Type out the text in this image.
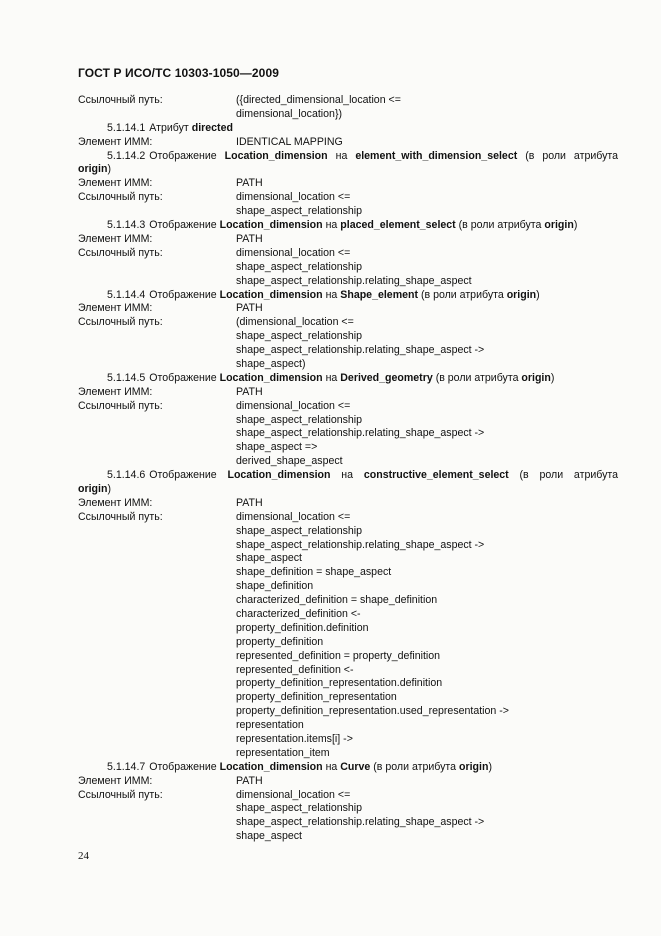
ГОСТ Р ИСО/ТС 10303-1050—2009
Ссылочный путь:	({directed_dimensional_location <=
dimensional_location})
5.1.14.1 Атрибут directed
Элемент ИММ:	IDENTICAL MAPPING
5.1.14.2 Отображение Location_dimension на element_with_dimension_select (в роли атрибута origin)
Элемент ИММ:	PATH
Ссылочный путь:	dimensional_location <=
shape_aspect_relationship
5.1.14.3 Отображение Location_dimension на placed_element_select (в роли атрибута origin)
Элемент ИММ:	PATH
Ссылочный путь:	dimensional_location <=
shape_aspect_relationship
shape_aspect_relationship.relating_shape_aspect
5.1.14.4 Отображение Location_dimension на Shape_element (в роли атрибута origin)
Элемент ИММ:	PATH
Ссылочный путь:	(dimensional_location <=
shape_aspect_relationship
shape_aspect_relationship.relating_shape_aspect ->
shape_aspect)
5.1.14.5 Отображение Location_dimension на Derived_geometry (в роли атрибута origin)
Элемент ИММ:	PATH
Ссылочный путь:	dimensional_location <=
shape_aspect_relationship
shape_aspect_relationship.relating_shape_aspect ->
shape_aspect =>
derived_shape_aspect
5.1.14.6 Отображение Location_dimension на constructive_element_select (в роли атрибута origin)
Элемент ИММ:	PATH
Ссылочный путь:	dimensional_location <=
shape_aspect_relationship
shape_aspect_relationship.relating_shape_aspect ->
shape_aspect
shape_definition = shape_aspect
shape_definition
characterized_definition = shape_definition
characterized_definition <-
property_definition.definition
property_definition
represented_definition = property_definition
represented_definition <-
property_definition_representation.definition
property_definition_representation
property_definition_representation.used_representation ->
representation
representation.items[i] ->
representation_item
5.1.14.7 Отображение Location_dimension на Curve (в роли атрибута origin)
Элемент ИММ:	PATH
Ссылочный путь:	dimensional_location <=
shape_aspect_relationship
shape_aspect_relationship.relating_shape_aspect ->
shape_aspect
24
